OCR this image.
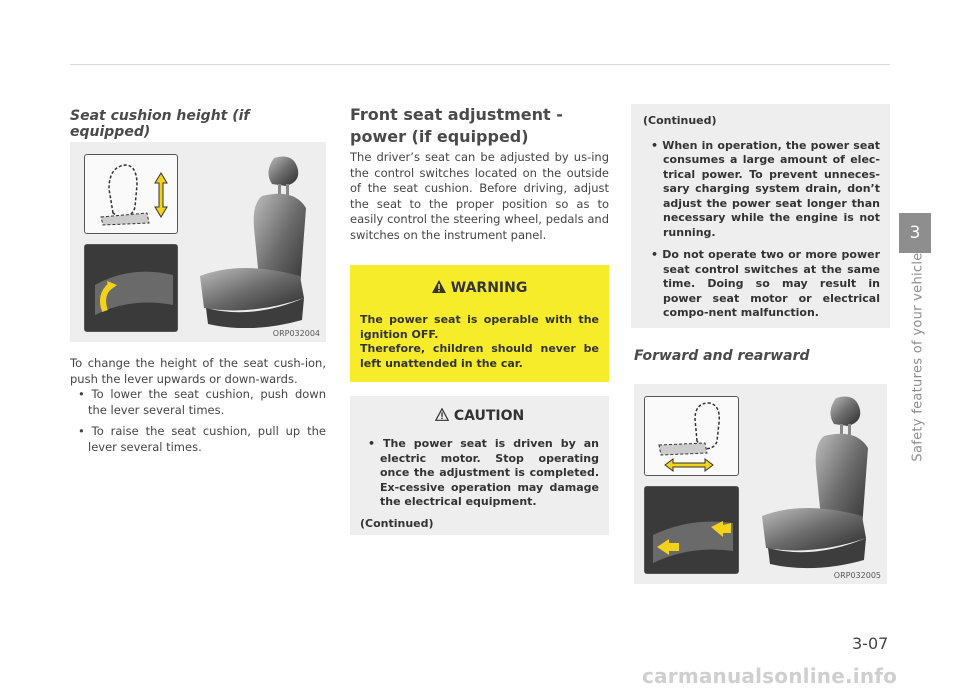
Seat cushion height (if equipped)

ORP032004

To change the height of the seat cush-ion, push the lever upwards or down-wards.

• To lower the seat cushion, push down the lever several times.

• To raise the seat cushion, pull up the lever several times.

Front seat adjustment - power (if equipped)

The driver’s seat can be adjusted by us-ing the control switches located on the outside of the seat cushion. Before driving, adjust the seat to the proper position so as to easily control the steering wheel, pedals and switches on the instrument panel.

WARNING

The power seat is operable with the ignition OFF.

Therefore, children should never be left unattended in the car.

CAUTION

• The power seat is driven by an electric motor. Stop operating once the adjustment is completed. Ex-cessive operation may damage the electrical equipment.

(Continued)

(Continued)

• When in operation, the power seat consumes a large amount of elec-trical power. To prevent unneces-sary charging system drain, don’t adjust the power seat longer than necessary while the engine is not running.

• Do not operate two or more power seat control switches at the same time. Doing so may result in power seat motor or electrical compo-nent malfunction.

Forward and rearward

ORP032005
3
Safety features of your vehicle
3-07
carmanualsonline.info
